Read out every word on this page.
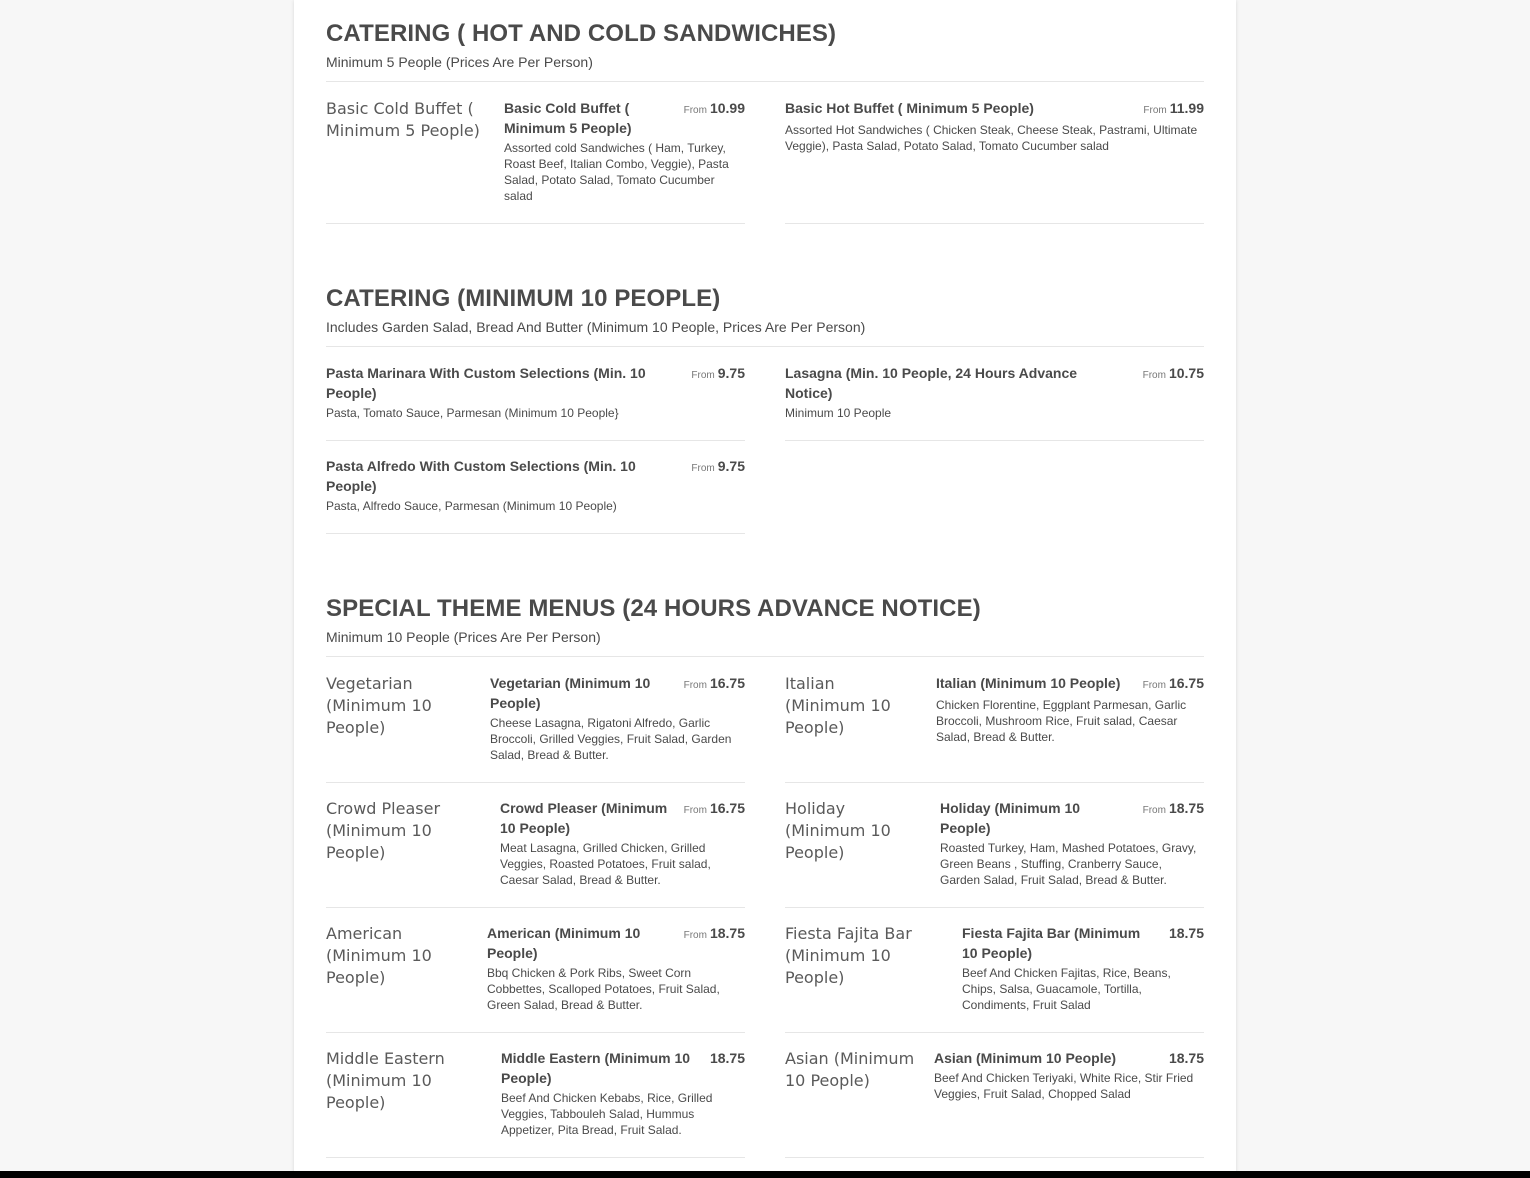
CATERING ( HOT AND COLD SANDWICHES)
Minimum 5 People (Prices Are Per Person)
Basic Cold Buffet ( Minimum 5 People)
Basic Cold Buffet ( Minimum 5 People)
Assorted cold Sandwiches ( Ham, Turkey, Roast Beef, Italian Combo, Veggie), Pasta Salad, Potato Salad, Tomato Cucumber salad
From 10.99	Basic Hot Buffet ( Minimum 5 People)
Assorted Hot Sandwiches ( Chicken Steak, Cheese Steak, Pastrami, Ultimate Veggie), Pasta Salad, Potato Salad, Tomato Cucumber salad
From 11.99
CATERING (MINIMUM 10 PEOPLE)
Includes Garden Salad, Bread And Butter (Minimum 10 People, Prices Are Per Person)
Pasta Marinara With Custom Selections (Min. 10 People)
Pasta, Tomato Sauce, Parmesan (Minimum 10 People}
From 9.75	Lasagna (Min. 10 People, 24 Hours Advance Notice)
Minimum 10 People
From 10.75
Pasta Alfredo With Custom Selections (Min. 10 People)
Pasta, Alfredo Sauce, Parmesan (Minimum 10 People)
From 9.75
SPECIAL THEME MENUS (24 HOURS ADVANCE NOTICE)
Minimum 10 People (Prices Are Per Person)
Vegetarian (Minimum 10 People)
Vegetarian (Minimum 10 People)
Cheese Lasagna, Rigatoni Alfredo, Garlic Broccoli, Grilled Veggies, Fruit Salad, Garden Salad, Bread & Butter.
From 16.75	Italian (Minimum 10 People)
Italian (Minimum 10 People)
Chicken Florentine, Eggplant Parmesan, Garlic Broccoli, Mushroom Rice, Fruit salad, Caesar Salad, Bread & Butter.
From 16.75
Crowd Pleaser (Minimum 10 People)
Crowd Pleaser (Minimum 10 People)
Meat Lasagna, Grilled Chicken, Grilled Veggies, Roasted Potatoes, Fruit salad, Caesar Salad, Bread & Butter.
From 16.75	Holiday (Minimum 10 People)
Holiday (Minimum 10 People)
Roasted Turkey, Ham, Mashed Potatoes, Gravy, Green Beans , Stuffing, Cranberry Sauce, Garden Salad, Fruit Salad, Bread & Butter.
From 18.75
American (Minimum 10 People)
American (Minimum 10 People)
Bbq Chicken & Pork Ribs, Sweet Corn Cobbettes, Scalloped Potatoes, Fruit Salad, Green Salad, Bread & Butter.
From 18.75	Fiesta Fajita Bar (Minimum 10 People)
Fiesta Fajita Bar (Minimum 10 People)
Beef And Chicken Fajitas, Rice, Beans, Chips, Salsa, Guacamole, Tortilla, Condiments, Fruit Salad
18.75
Middle Eastern (Minimum 10 People)
Middle Eastern (Minimum 10 People)
Beef And Chicken Kebabs, Rice, Grilled Veggies, Tabbouleh Salad, Hummus Appetizer, Pita Bread, Fruit Salad.
18.75	Asian (Minimum 10 People)
Asian (Minimum 10 People)
Beef And Chicken Teriyaki, White Rice, Stir Fried Veggies, Fruit Salad, Chopped Salad
18.75
